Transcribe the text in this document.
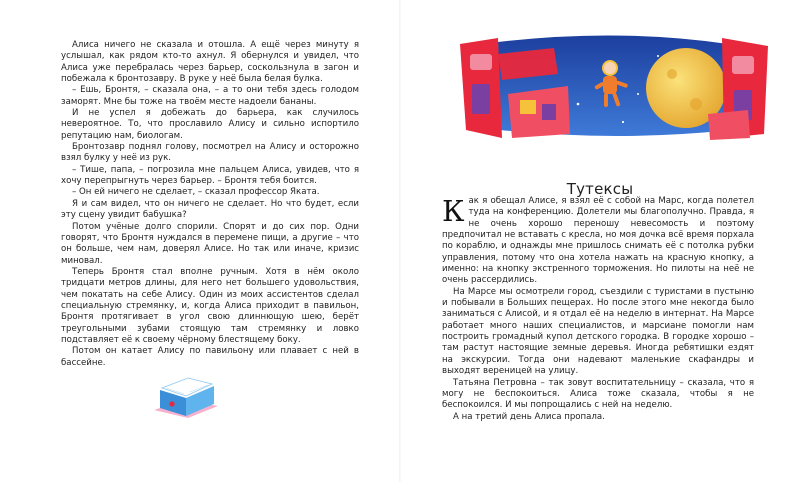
Алиса ничего не сказала и отошла. А ещё через минуту я услышал, как рядом кто-то ахнул. Я обернулся и увидел, что Алиса уже перебралась через барьер, соскользнула в загон и побежала к бронтозавру. В руке у неё была белая булка.

– Ешь, Бронтя, – сказала она, – а то они тебя здесь голодом заморят. Мне бы тоже на твоём месте надоели бананы.

И не успел я добежать до барьера, как случилось невероятное. То, что прославило Алису и сильно испортило репутацию нам, биологам.

Бронтозавр поднял голову, посмотрел на Алису и осторожно взял булку у неё из рук.

– Тише, папа, – погрозила мне пальцем Алиса, увидев, что я хочу перепрыгнуть через барьер. – Бронтя тебя боится.

– Он ей ничего не сделает, – сказал профессор Яката.

Я и сам видел, что он ничего не сделает. Но что будет, если эту сцену увидит бабушка?

Потом учёные долго спорили. Спорят и до сих пор. Одни говорят, что Бронтя нуждался в перемене пищи, а другие – что он больше, чем нам, доверял Алисе. Но так или иначе, кризис миновал.

Теперь Бронтя стал вполне ручным. Хотя в нём около тридцати метров длины, для него нет большего удовольствия, чем покатать на себе Алису. Один из моих ассистентов сделал специальную стремянку, и, когда Алиса приходит в павильон, Бронтя протягивает в угол свою длиннющую шею, берёт треугольными зубами стоящую там стремянку и ловко подставляет её к своему чёрному блестящему боку.

Потом он катает Алису по павильону или плавает с ней в бассейне.

Тутексы

Как я обещал Алисе, я взял её с собой на Марс, когда полетел туда на конференцию. Долетели мы благополучно. Правда, я не очень хорошо переношу невесомость и поэтому предпочитал не вставать с кресла, но моя дочка всё время порхала по кораблю, и однажды мне пришлось снимать её с потолка рубки управления, потому что она хотела нажать на красную кнопку, а именно: на кнопку экстренного торможения. Но пилоты на неё не очень рассердились.

На Марсе мы осмотрели город, съездили с туристами в пустыню и побывали в Больших пещерах. Но после этого мне некогда было заниматься с Алисой, и я отдал её на неделю в интернат. На Марсе работает много наших специалистов, и марсиане помогли нам построить громадный купол детского городка. В городке хорошо – там растут настоящие земные деревья. Иногда ребятишки ездят на экскурсии. Тогда они надевают маленькие скафандры и выходят вереницей на улицу.

Татьяна Петровна – так зовут воспитательницу – сказала, что я могу не беспокоиться. Алиса тоже сказала, чтобы я не беспокоился. И мы попрощались с ней на неделю.

А на третий день Алиса пропала.
